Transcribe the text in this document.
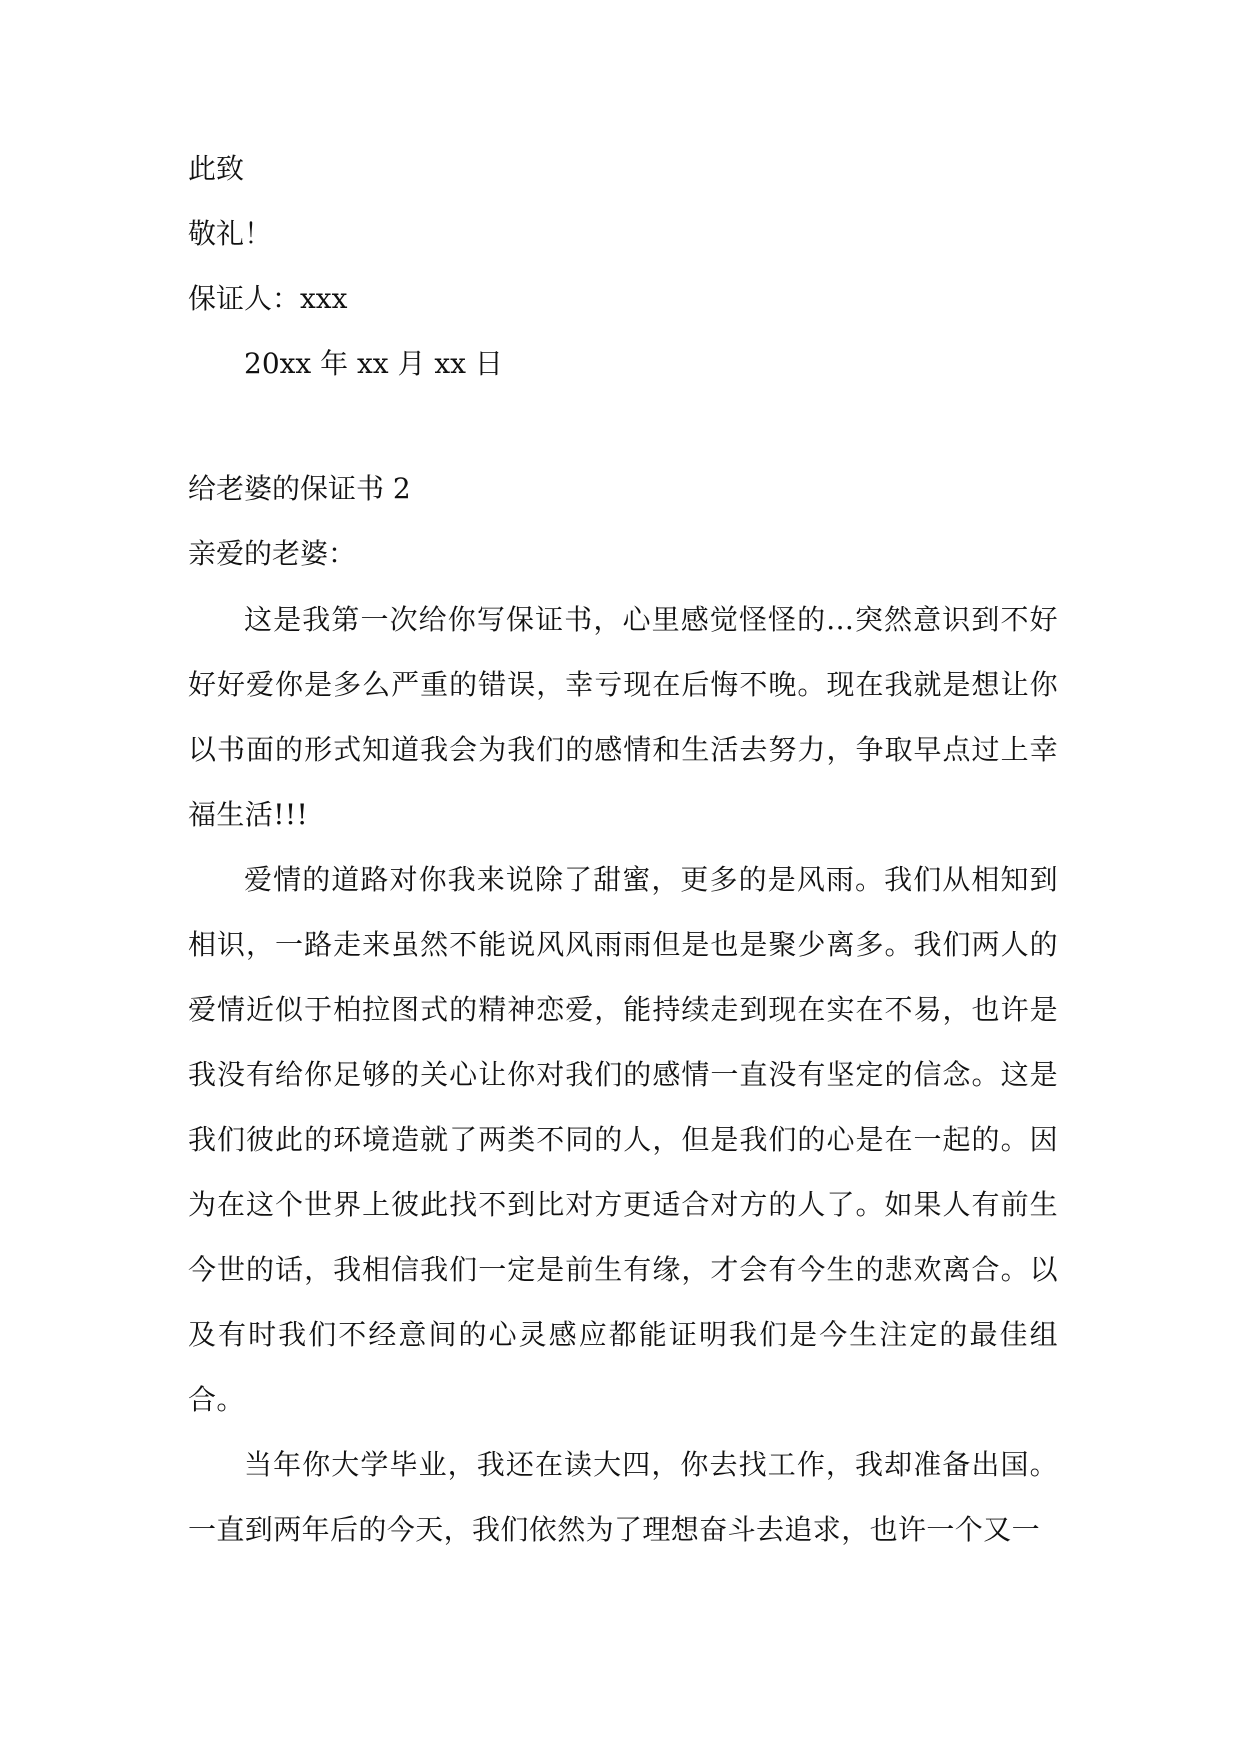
此致
敬礼！
保证人：xxx
20xx 年 xx 月 xx 日
给老婆的保证书 2
亲爱的老婆：

这是我第一次给你写保证书，心里感觉怪怪的...突然意识到不好好好爱你是多么严重的错误，幸亏现在后悔不晚。现在我就是想让你以书面的形式知道我会为我们的感情和生活去努力，争取早点过上幸福生活!!!

爱情的道路对你我来说除了甜蜜，更多的是风雨。我们从相知到相识，一路走来虽然不能说风风雨雨但是也是聚少离多。我们两人的爱情近似于柏拉图式的精神恋爱，能持续走到现在实在不易，也许是我没有给你足够的关心让你对我们的感情一直没有坚定的信念。这是我们彼此的环境造就了两类不同的人，但是我们的心是在一起的。因为在这个世界上彼此找不到比对方更适合对方的人了。如果人有前生今世的话，我相信我们一定是前生有缘，才会有今生的悲欢离合。以及有时我们不经意间的心灵感应都能证明我们是今生注定的最佳组合。

当年你大学毕业，我还在读大四，你去找工作，我却准备出国。一直到两年后的今天，我们依然为了理想奋斗去追求，也许一个又一
